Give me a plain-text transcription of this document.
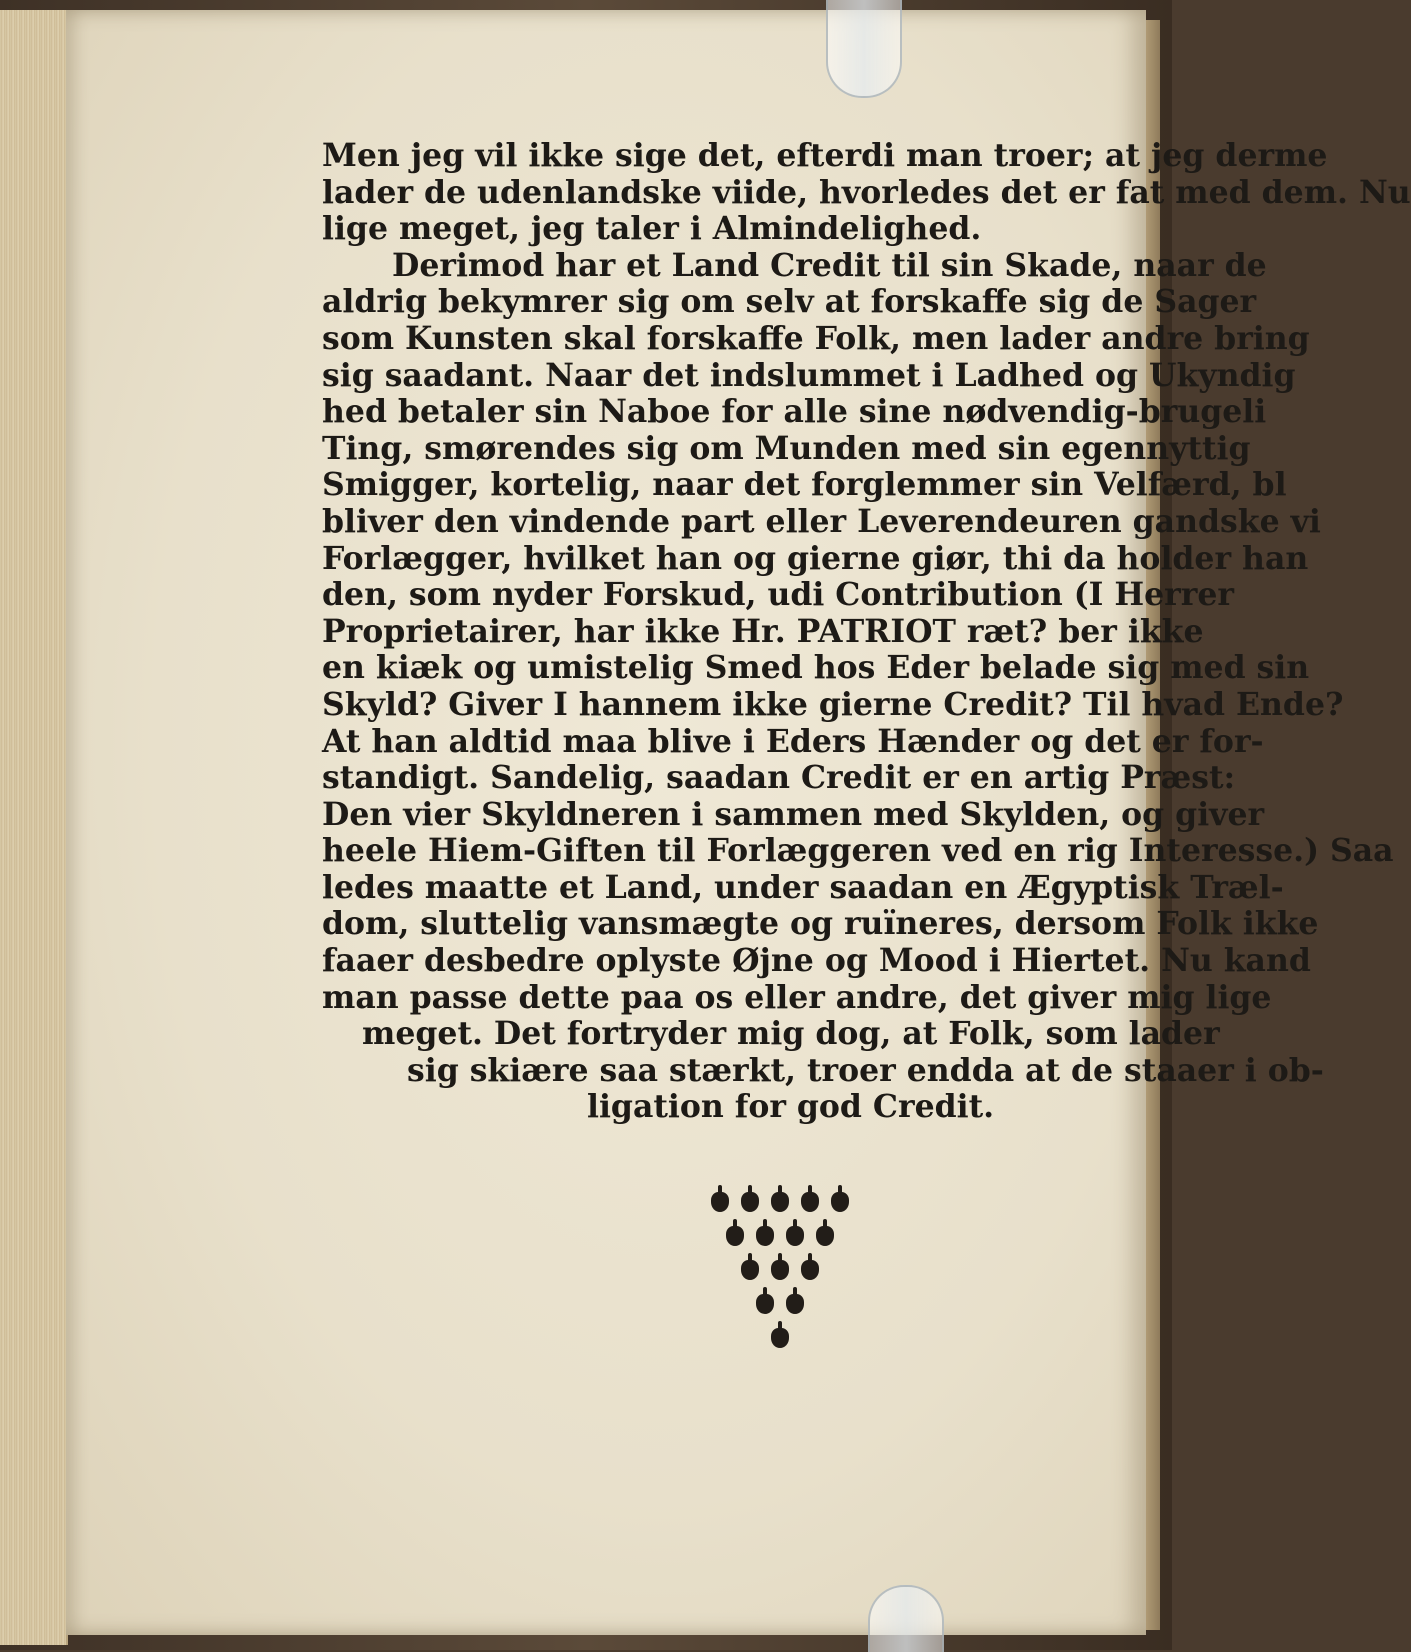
Men jeg vil ikke sige det, efterdi man troer; at jeg derme
lader de udenlandske viide, hvorledes det er fat med dem. Nu
lige meget, jeg taler i Almindelighed.
Derimod har et Land Credit til sin Skade, naar de
aldrig bekymrer sig om selv at forskaffe sig de Sager
som Kunsten skal forskaffe Folk, men lader andre bring
sig saadant. Naar det indslummet i Ladhed og Ukyndig
hed betaler sin Naboe for alle sine nødvendig-brugeli
Ting, smørendes sig om Munden med sin egennyttig
Smigger, kortelig, naar det forglemmer sin Velfærd, bl
bliver den vindende part eller Leverendeuren gandske vi
Forlægger, hvilket han og gierne giør, thi da holder han
den, som nyder Forskud, udi Contribution (I Herrer
Proprietairer, har ikke Hr. PATRIOT ræt? ber ikke
en kiæk og umistelig Smed hos Eder belade sig med sin
Skyld? Giver I hannem ikke gierne Credit? Til hvad Ende?
At han aldtid maa blive i Eders Hænder og det er for-
standigt. Sandelig, saadan Credit er en artig Præst:
Den vier Skyldneren i sammen med Skylden, og giver
heele Hiem-Giften til Forlæggeren ved en rig Interesse.) Saa
ledes maatte et Land, under saadan en Ægyptisk Træl-
dom, sluttelig vansmægte og ruïneres, dersom Folk ikke
faaer desbedre oplyste Øjne og Mood i Hiertet. Nu kand
man passe dette paa os eller andre, det giver mig lige
meget. Det fortryder mig dog, at Folk, som lader
sig skiære saa stærkt, troer endda at de staaer i ob-
ligation for god Credit.
